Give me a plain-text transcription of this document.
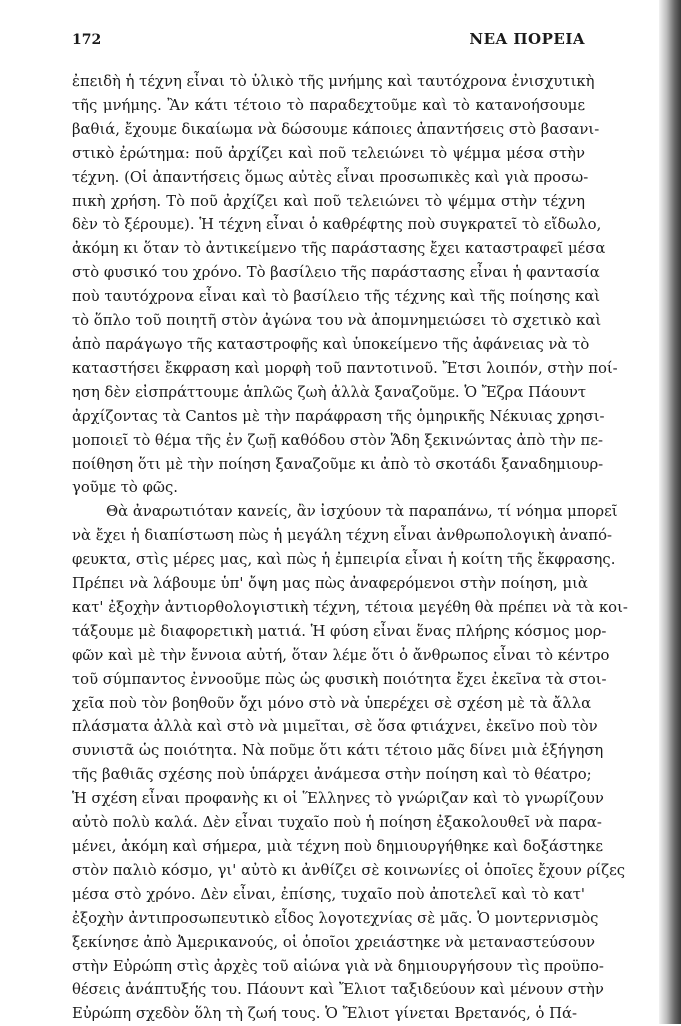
172	ΝΕΑ ΠΟΡΕΙΑ

ἐπειδὴ ἡ τέχνη εἶναι τὸ ὑλικὸ τῆς μνήμης καὶ ταυτόχρονα ἐνισχυτικὴ
τῆς μνήμης. Ἂν κάτι τέτοιο τὸ παραδεχτοῦμε καὶ τὸ κατανοήσουμε
βαθιά, ἔχουμε δικαίωμα νὰ δώσουμε κάποιες ἀπαντήσεις στὸ βασανι-
στικὸ ἐρώτημα: ποῦ ἀρχίζει καὶ ποῦ τελειώνει τὸ ψέμμα μέσα στὴν
τέχνη. (Οἱ ἀπαντήσεις ὅμως αὐτὲς εἶναι προσωπικὲς καὶ γιὰ προσω-
πικὴ χρήση. Τὸ ποῦ ἀρχίζει καὶ ποῦ τελειώνει τὸ ψέμμα στὴν τέχνη
δὲν τὸ ξέρουμε). Ἡ τέχνη εἶναι ὁ καθρέφτης ποὺ συγκρατεῖ τὸ εἴδωλο,
ἀκόμη κι ὅταν τὸ ἀντικείμενο τῆς παράστασης ἔχει καταστραφεῖ μέσα
στὸ φυσικό του χρόνο. Τὸ βασίλειο τῆς παράστασης εἶναι ἡ φαντασία
ποὺ ταυτόχρονα εἶναι καὶ τὸ βασίλειο τῆς τέχνης καὶ τῆς ποίησης καὶ
τὸ ὅπλο τοῦ ποιητῆ στὸν ἀγώνα του νὰ ἀπομνημειώσει τὸ σχετικὸ καὶ
ἀπὸ παράγωγο τῆς καταστροφῆς καὶ ὑποκείμενο τῆς ἀφάνειας νὰ τὸ
καταστήσει ἔκφραση καὶ μορφὴ τοῦ παντοτινοῦ. Ἔτσι λοιπόν, στὴν ποί-
ηση δὲν εἰσπράττουμε ἁπλῶς ζωὴ ἀλλὰ ξαναζοῦμε. Ὁ Ἔζρα Πάουντ
ἀρχίζοντας τὰ Cantos μὲ τὴν παράφραση τῆς ὁμηρικῆς Νέκυιας χρησι-
μοποιεῖ τὸ θέμα τῆς ἐν ζωῇ καθόδου στὸν Ἅδη ξεκινώντας ἀπὸ τὴν πε-
ποίθηση ὅτι μὲ τὴν ποίηση ξαναζοῦμε κι ἀπὸ τὸ σκοτάδι ξαναδημιουρ-
γοῦμε τὸ φῶς.

Θὰ ἀναρωτιόταν κανείς, ἂν ἰσχύουν τὰ παραπάνω, τί νόημα μπορεῖ
νὰ ἔχει ἡ διαπίστωση πὼς ἡ μεγάλη τέχνη εἶναι ἀνθρωπολογικὴ ἀναπό-
φευκτα, στὶς μέρες μας, καὶ πὼς ἡ ἐμπειρία εἶναι ἡ κοίτη τῆς ἔκφρασης.
Πρέπει νὰ λάβουμε ὑπ' ὄψη μας πὼς ἀναφερόμενοι στὴν ποίηση, μιὰ
κατ' ἐξοχὴν ἀντιορθολογιστικὴ τέχνη, τέτοια μεγέθη θὰ πρέπει νὰ τὰ κοι-
τάξουμε μὲ διαφορετικὴ ματιά. Ἡ φύση εἶναι ἕνας πλήρης κόσμος μορ-
φῶν καὶ μὲ τὴν ἔννοια αὐτή, ὅταν λέμε ὅτι ὁ ἄνθρωπος εἶναι τὸ κέντρο
τοῦ σύμπαντος ἐννοοῦμε πὼς ὡς φυσικὴ ποιότητα ἔχει ἐκεῖνα τὰ στοι-
χεῖα ποὺ τὸν βοηθοῦν ὄχι μόνο στὸ νὰ ὑπερέχει σὲ σχέση μὲ τὰ ἄλλα
πλάσματα ἀλλὰ καὶ στὸ νὰ μιμεῖται, σὲ ὅσα φτιάχνει, ἐκεῖνο ποὺ τὸν
συνιστᾶ ὡς ποιότητα. Νὰ ποῦμε ὅτι κάτι τέτοιο μᾶς δίνει μιὰ ἑξήγηση
τῆς βαθιᾶς σχέσης ποὺ ὑπάρχει ἀνάμεσα στὴν ποίηση καὶ τὸ θέατρο;
Ἡ σχέση εἶναι προφανὴς κι οἱ Ἕλληνες τὸ γνώριζαν καὶ τὸ γνωρίζουν
αὐτὸ πολὺ καλά. Δὲν εἶναι τυχαῖο ποὺ ἡ ποίηση ἐξακολουθεῖ νὰ παρα-
μένει, ἀκόμη καὶ σήμερα, μιὰ τέχνη ποὺ δημιουργήθηκε καὶ δοξάστηκε
στὸν παλιὸ κόσμο, γι' αὐτὸ κι ἀνθίζει σὲ κοινωνίες οἱ ὁποῖες ἔχουν ρίζες
μέσα στὸ χρόνο. Δὲν εἶναι, ἐπίσης, τυχαῖο ποὺ ἀποτελεῖ καὶ τὸ κατ'
ἐξοχὴν ἀντιπροσωπευτικὸ εἶδος λογοτεχνίας σὲ μᾶς. Ὁ μοντερνισμὸς
ξεκίνησε ἀπὸ Ἀμερικανούς, οἱ ὁποῖοι χρειάστηκε νὰ μεταναστεύσουν
στὴν Εὐρώπη στὶς ἀρχὲς τοῦ αἰώνα γιὰ νὰ δημιουργήσουν τὶς προϋπο-
θέσεις ἀνάπτυξής του. Πάουντ καὶ Ἔλιοτ ταξιδεύουν καὶ μένουν στὴν
Εὐρώπη σχεδὸν ὅλη τὴ ζωή τους. Ὁ Ἔλιοτ γίνεται Βρετανός, ὁ Πά-
